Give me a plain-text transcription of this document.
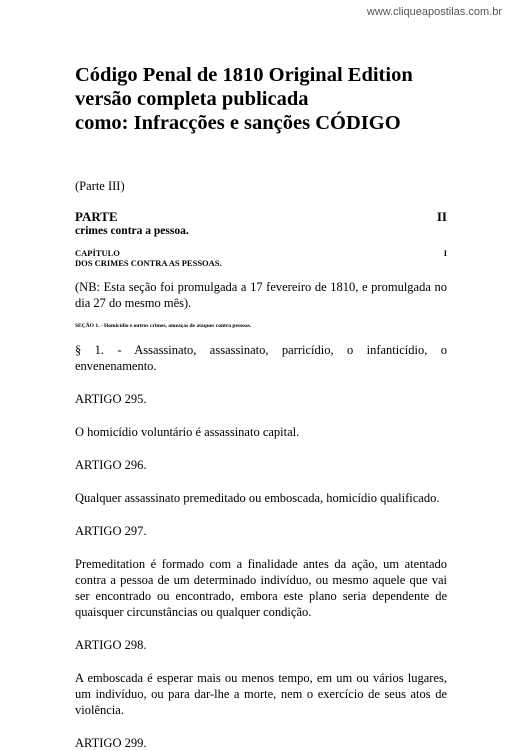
www.cliqueapostilas.com.br
Código Penal de 1810 Original Edition
versão completa publicada
como: Infracções e sanções CÓDIGO
(Parte III)
PARTE	II
crimes contra a pessoa.
CAPÍTULO	I
DOS CRIMES CONTRA AS PESSOAS.

(NB: Esta seção foi promulgada a 17 fevereiro de 1810, e promulgada no dia 27 do mesmo mês).

SEÇÃO 1. - Homicídio e outros crimes, ameaças de ataques contra pessoas.

§ 1. - Assassinato, assassinato, parricídio, o infanticídio, o envenenamento.

ARTIGO 295.

O homicídio voluntário é assassinato capital.

ARTIGO 296.

Qualquer assassinato premeditado ou emboscada, homicídio qualificado.

ARTIGO 297.

Premeditation é formado com a finalidade antes da ação, um atentado contra a pessoa de um determinado indivíduo, ou mesmo aquele que vai ser encontrado ou encontrado, embora este plano seria dependente de quaisquer circunstâncias ou qualquer condição.

ARTIGO 298.

A emboscada é esperar mais ou menos tempo, em um ou vários lugares, um indivíduo, ou para dar-lhe a morte, nem o exercício de seus atos de violência.

ARTIGO 299.
